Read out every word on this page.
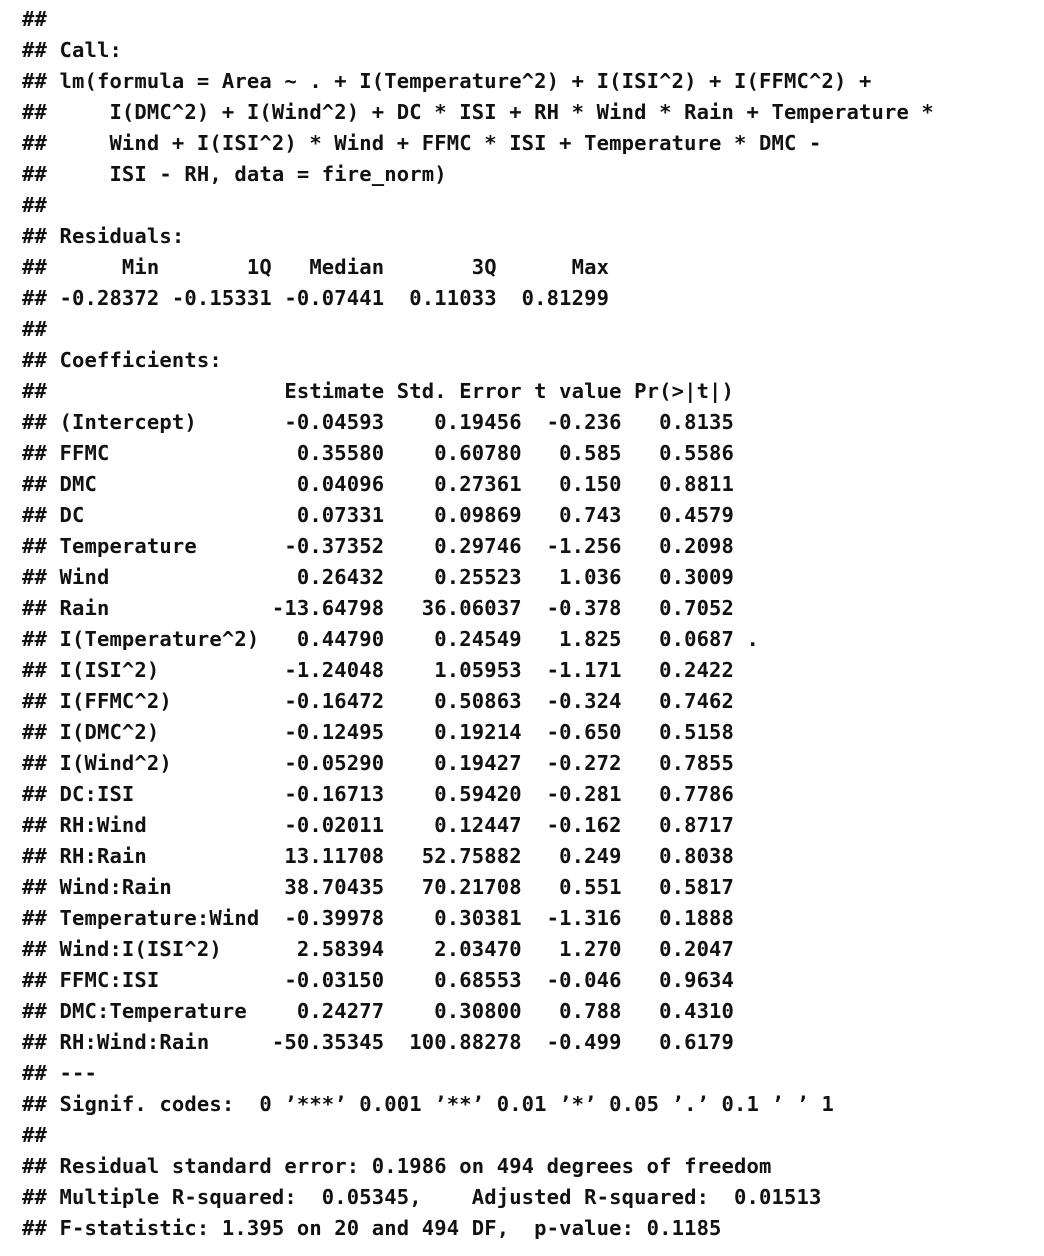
##
## Call:
## lm(formula = Area ~ . + I(Temperature^2) + I(ISI^2) + I(FFMC^2) +
##     I(DMC^2) + I(Wind^2) + DC * ISI + RH * Wind * Rain + Temperature *
##     Wind + I(ISI^2) * Wind + FFMC * ISI + Temperature * DMC -
##     ISI - RH, data = fire_norm)
##
## Residuals:
##      Min       1Q   Median       3Q      Max
## -0.28372 -0.15331 -0.07441  0.11033  0.81299
##
## Coefficients:
##                   Estimate Std. Error t value Pr(>|t|)
## (Intercept)       -0.04593    0.19456  -0.236   0.8135
## FFMC               0.35580    0.60780   0.585   0.5586
## DMC                0.04096    0.27361   0.150   0.8811
## DC                 0.07331    0.09869   0.743   0.4579
## Temperature       -0.37352    0.29746  -1.256   0.2098
## Wind               0.26432    0.25523   1.036   0.3009
## Rain             -13.64798   36.06037  -0.378   0.7052
## I(Temperature^2)   0.44790    0.24549   1.825   0.0687 .
## I(ISI^2)          -1.24048    1.05953  -1.171   0.2422
## I(FFMC^2)         -0.16472    0.50863  -0.324   0.7462
## I(DMC^2)          -0.12495    0.19214  -0.650   0.5158
## I(Wind^2)         -0.05290    0.19427  -0.272   0.7855
## DC:ISI            -0.16713    0.59420  -0.281   0.7786
## RH:Wind           -0.02011    0.12447  -0.162   0.8717
## RH:Rain           13.11708   52.75882   0.249   0.8038
## Wind:Rain         38.70435   70.21708   0.551   0.5817
## Temperature:Wind  -0.39978    0.30381  -1.316   0.1888
## Wind:I(ISI^2)      2.58394    2.03470   1.270   0.2047
## FFMC:ISI          -0.03150    0.68553  -0.046   0.9634
## DMC:Temperature    0.24277    0.30800   0.788   0.4310
## RH:Wind:Rain     -50.35345  100.88278  -0.499   0.6179
## ---
## Signif. codes:  0 ’***’ 0.001 ’**’ 0.01 ’*’ 0.05 ’.’ 0.1 ’ ’ 1
##
## Residual standard error: 0.1986 on 494 degrees of freedom
## Multiple R-squared:  0.05345,    Adjusted R-squared:  0.01513
## F-statistic: 1.395 on 20 and 494 DF,  p-value: 0.1185
